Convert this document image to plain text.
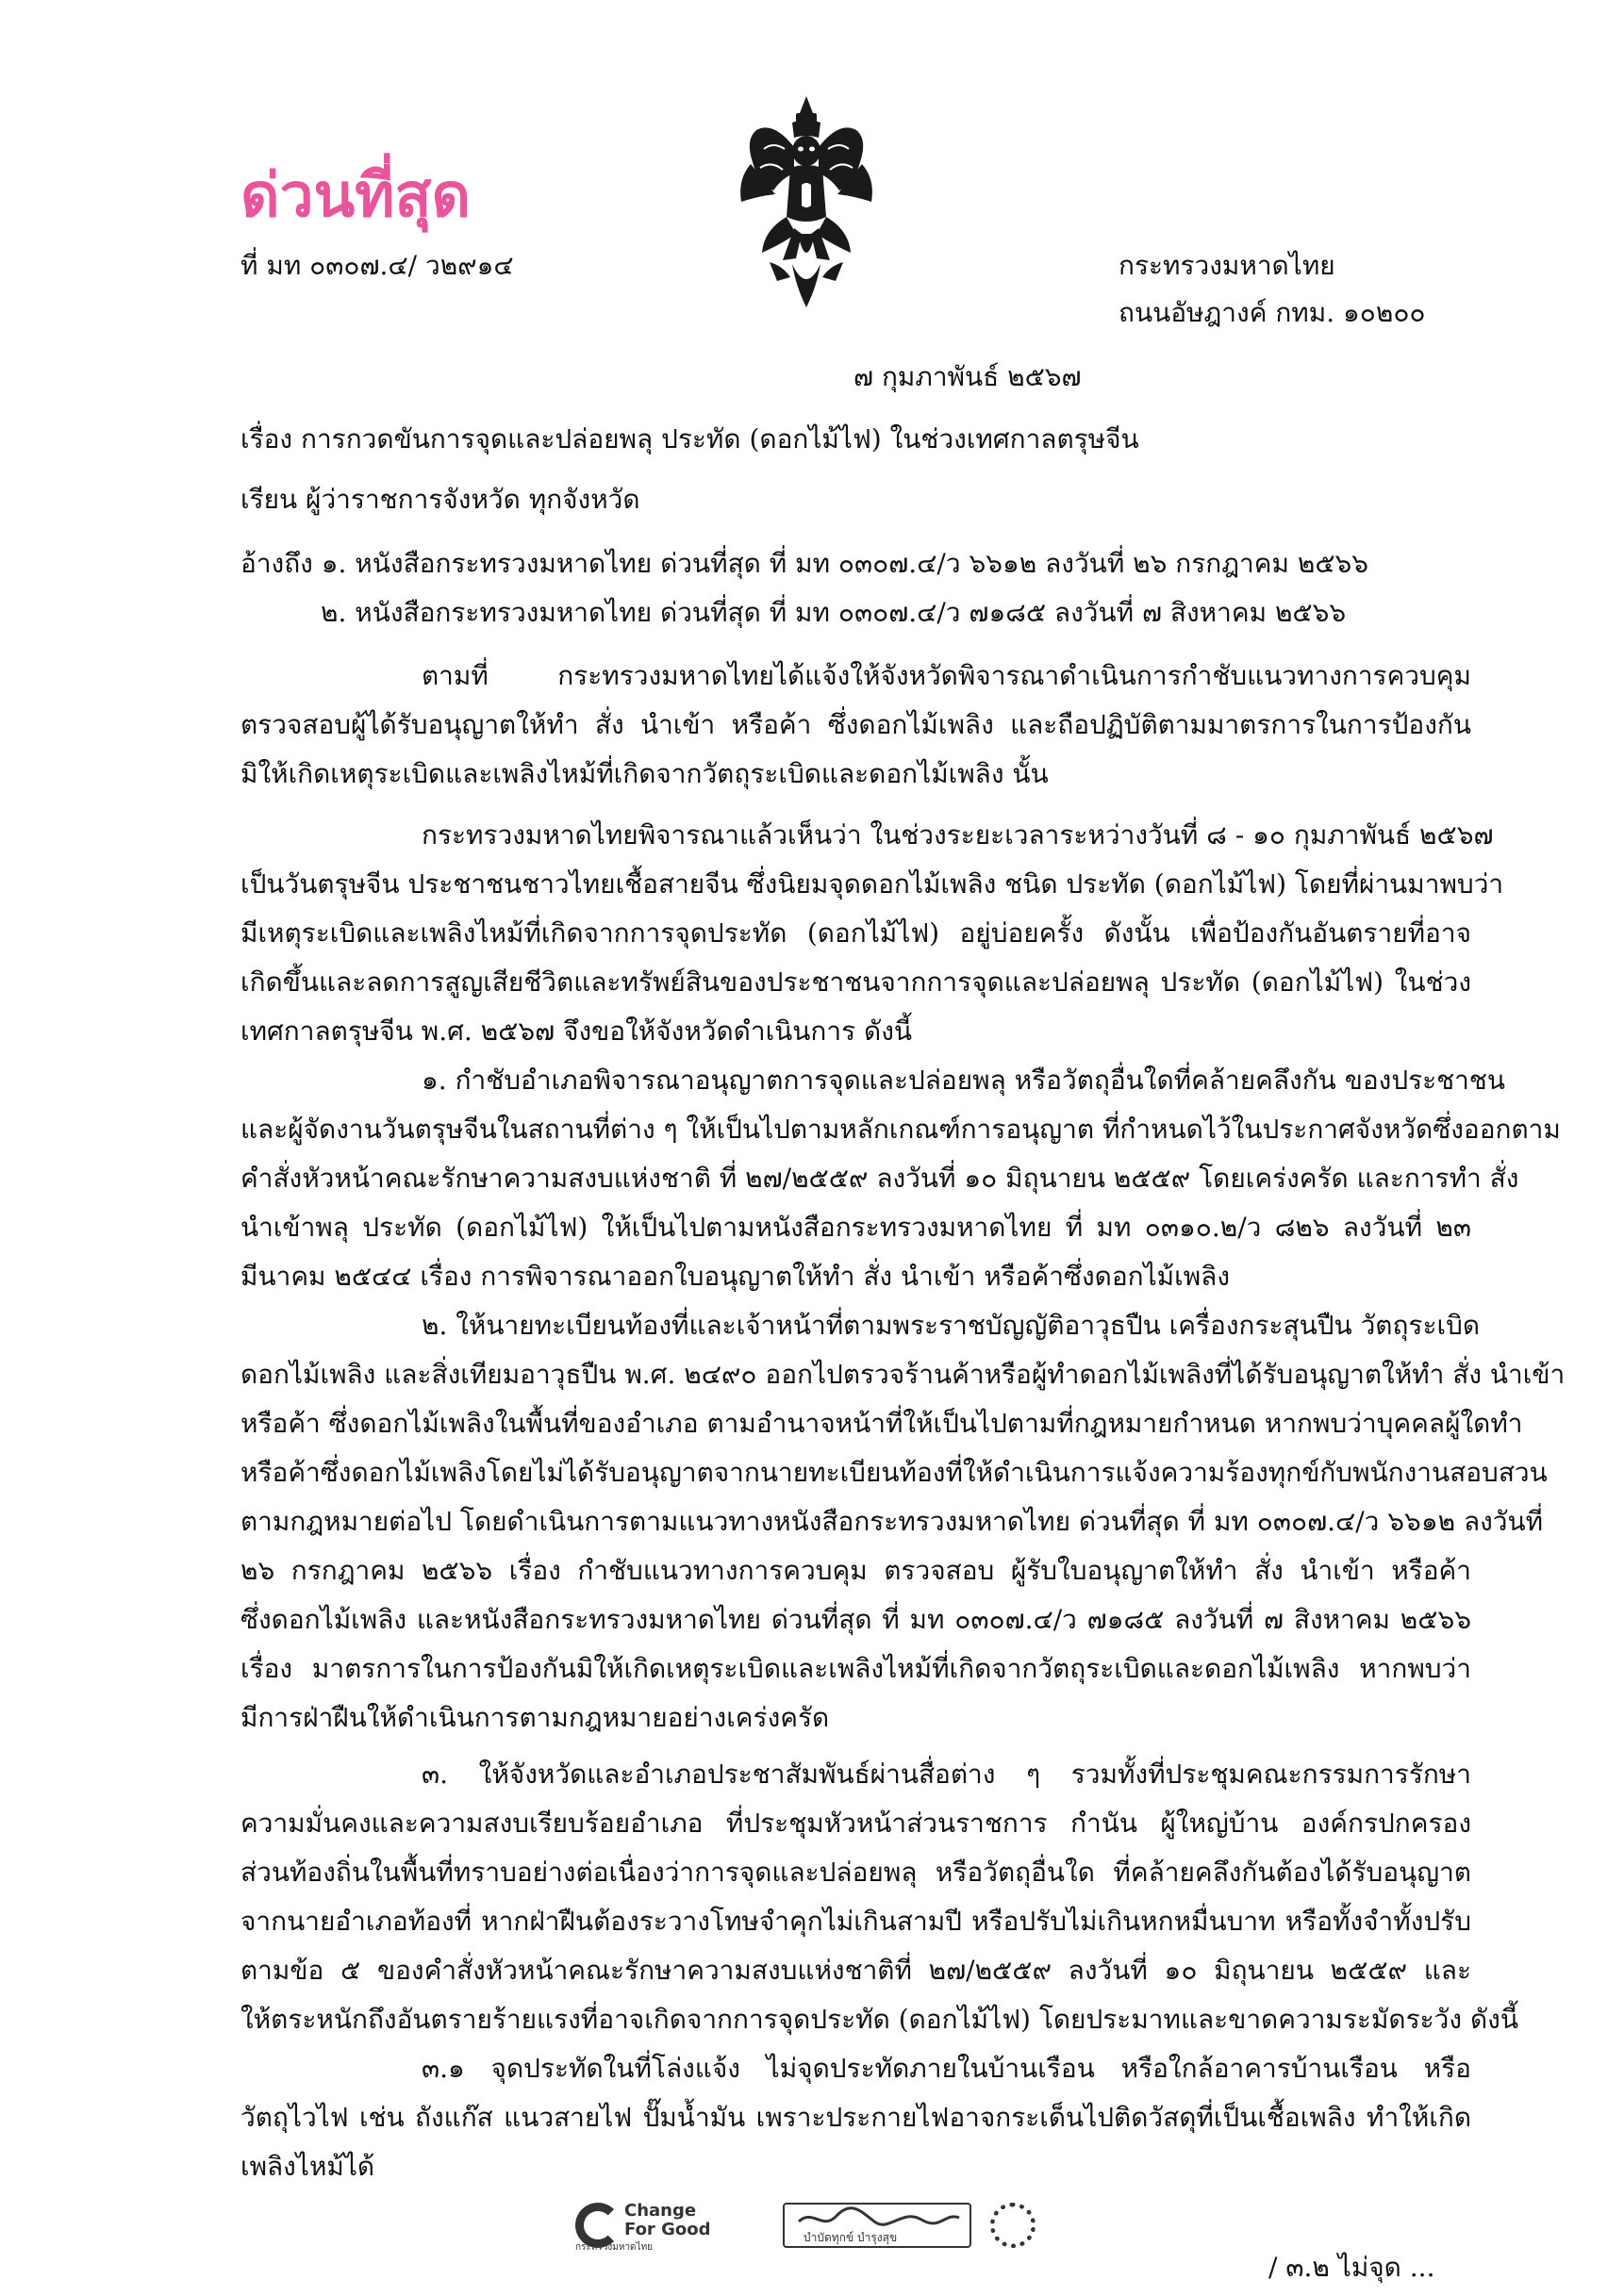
ด่วนที่สุด
ที่ มท ๐๓๐๗.๔/ ว๒๙๑๔	กระทรวงมหาดไทย
ถนนอัษฎางค์ กทม. ๑๐๒๐๐
๗ กุมภาพันธ์ ๒๕๖๗
เรื่อง การกวดขันการจุดและปล่อยพลุ ประทัด (ดอกไม้ไฟ) ในช่วงเทศกาลตรุษจีน
เรียน ผู้ว่าราชการจังหวัด ทุกจังหวัด
อ้างถึง ๑. หนังสือกระทรวงมหาดไทย ด่วนที่สุด ที่ มท ๐๓๐๗.๔/ว ๖๖๑๒ ลงวันที่ ๒๖ กรกฎาคม ๒๕๖๖
๒. หนังสือกระทรวงมหาดไทย ด่วนที่สุด ที่ มท ๐๓๐๗.๔/ว ๗๑๘๕ ลงวันที่ ๗ สิงหาคม ๒๕๖๖
ตามที่ กระทรวงมหาดไทยได้แจ้งให้จังหวัดพิจารณาดำเนินการกำชับแนวทางการควบคุม
ตรวจสอบผู้ได้รับอนุญาตให้ทำ สั่ง นำเข้า หรือค้า ซึ่งดอกไม้เพลิง และถือปฏิบัติตามมาตรการในการป้องกัน
มิให้เกิดเหตุระเบิดและเพลิงไหม้ที่เกิดจากวัตถุระเบิดและดอกไม้เพลิง นั้น
กระทรวงมหาดไทยพิจารณาแล้วเห็นว่า ในช่วงระยะเวลาระหว่างวันที่ ๘ - ๑๐ กุมภาพันธ์ ๒๕๖๗
เป็นวันตรุษจีน ประชาชนชาวไทยเชื้อสายจีน ซึ่งนิยมจุดดอกไม้เพลิง ชนิด ประทัด (ดอกไม้ไฟ) โดยที่ผ่านมาพบว่า
มีเหตุระเบิดและเพลิงไหม้ที่เกิดจากการจุดประทัด (ดอกไม้ไฟ) อยู่บ่อยครั้ง ดังนั้น เพื่อป้องกันอันตรายที่อาจ
เกิดขึ้นและลดการสูญเสียชีวิตและทรัพย์สินของประชาชนจากการจุดและปล่อยพลุ ประทัด (ดอกไม้ไฟ) ในช่วง
เทศกาลตรุษจีน พ.ศ. ๒๕๖๗ จึงขอให้จังหวัดดำเนินการ ดังนี้
๑. กำชับอำเภอพิจารณาอนุญาตการจุดและปล่อยพลุ หรือวัตถุอื่นใดที่คล้ายคลึงกัน ของประชาชน
และผู้จัดงานวันตรุษจีนในสถานที่ต่าง ๆ ให้เป็นไปตามหลักเกณฑ์การอนุญาต ที่กำหนดไว้ในประกาศจังหวัดซึ่งออกตาม
คำสั่งหัวหน้าคณะรักษาความสงบแห่งชาติ ที่ ๒๗/๒๕๕๙ ลงวันที่ ๑๐ มิถุนายน ๒๕๕๙ โดยเคร่งครัด และการทำ สั่ง
นำเข้าพลุ ประทัด (ดอกไม้ไฟ) ให้เป็นไปตามหนังสือกระทรวงมหาดไทย ที่ มท ๐๓๑๐.๒/ว ๘๒๖ ลงวันที่ ๒๓
มีนาคม ๒๕๔๔ เรื่อง การพิจารณาออกใบอนุญาตให้ทำ สั่ง นำเข้า หรือค้าซึ่งดอกไม้เพลิง
๒. ให้นายทะเบียนท้องที่และเจ้าหน้าที่ตามพระราชบัญญัติอาวุธปืน เครื่องกระสุนปืน วัตถุระเบิด
ดอกไม้เพลิง และสิ่งเทียมอาวุธปืน พ.ศ. ๒๔๙๐ ออกไปตรวจร้านค้าหรือผู้ทำดอกไม้เพลิงที่ได้รับอนุญาตให้ทำ สั่ง นำเข้า
หรือค้า ซึ่งดอกไม้เพลิงในพื้นที่ของอำเภอ ตามอำนาจหน้าที่ให้เป็นไปตามที่กฎหมายกำหนด หากพบว่าบุคคลผู้ใดทำ
หรือค้าซึ่งดอกไม้เพลิงโดยไม่ได้รับอนุญาตจากนายทะเบียนท้องที่ให้ดำเนินการแจ้งความร้องทุกข์กับพนักงานสอบสวน
ตามกฎหมายต่อไป โดยดำเนินการตามแนวทางหนังสือกระทรวงมหาดไทย ด่วนที่สุด ที่ มท ๐๓๐๗.๔/ว ๖๖๑๒ ลงวันที่
๒๖ กรกฎาคม ๒๕๖๖ เรื่อง กำชับแนวทางการควบคุม ตรวจสอบ ผู้รับใบอนุญาตให้ทำ สั่ง นำเข้า หรือค้า
ซึ่งดอกไม้เพลิง และหนังสือกระทรวงมหาดไทย ด่วนที่สุด ที่ มท ๐๓๐๗.๔/ว ๗๑๘๕ ลงวันที่ ๗ สิงหาคม ๒๕๖๖
เรื่อง มาตรการในการป้องกันมิให้เกิดเหตุระเบิดและเพลิงไหม้ที่เกิดจากวัตถุระเบิดและดอกไม้เพลิง หากพบว่า
มีการฝ่าฝืนให้ดำเนินการตามกฎหมายอย่างเคร่งครัด
๓. ให้จังหวัดและอำเภอประชาสัมพันธ์ผ่านสื่อต่าง ๆ รวมทั้งที่ประชุมคณะกรรมการรักษา
ความมั่นคงและความสงบเรียบร้อยอำเภอ ที่ประชุมหัวหน้าส่วนราชการ กำนัน ผู้ใหญ่บ้าน องค์กรปกครอง
ส่วนท้องถิ่นในพื้นที่ทราบอย่างต่อเนื่องว่าการจุดและปล่อยพลุ หรือวัตถุอื่นใด ที่คล้ายคลึงกันต้องได้รับอนุญาต
จากนายอำเภอท้องที่ หากฝ่าฝืนต้องระวางโทษจำคุกไม่เกินสามปี หรือปรับไม่เกินหกหมื่นบาท หรือทั้งจำทั้งปรับ
ตามข้อ ๕ ของคำสั่งหัวหน้าคณะรักษาความสงบแห่งชาติที่ ๒๗/๒๕๕๙ ลงวันที่ ๑๐ มิถุนายน ๒๕๕๙ และ
ให้ตระหนักถึงอันตรายร้ายแรงที่อาจเกิดจากการจุดประทัด (ดอกไม้ไฟ) โดยประมาทและขาดความระมัดระวัง ดังนี้
๓.๑ จุดประทัดในที่โล่งแจ้ง ไม่จุดประทัดภายในบ้านเรือน หรือใกล้อาคารบ้านเรือน หรือ
วัตถุไวไฟ เช่น ถังแก๊ส แนวสายไฟ ปั๊มน้ำมัน เพราะประกายไฟอาจกระเด็นไปติดวัสดุที่เป็นเชื้อเพลิง ทำให้เกิด
เพลิงไหม้ได้
Change
For Good
กระทรวงมหาดไทย
บำบัดทุกข์ บำรุงสุข
/ ๓.๒ ไม่จุด ...
